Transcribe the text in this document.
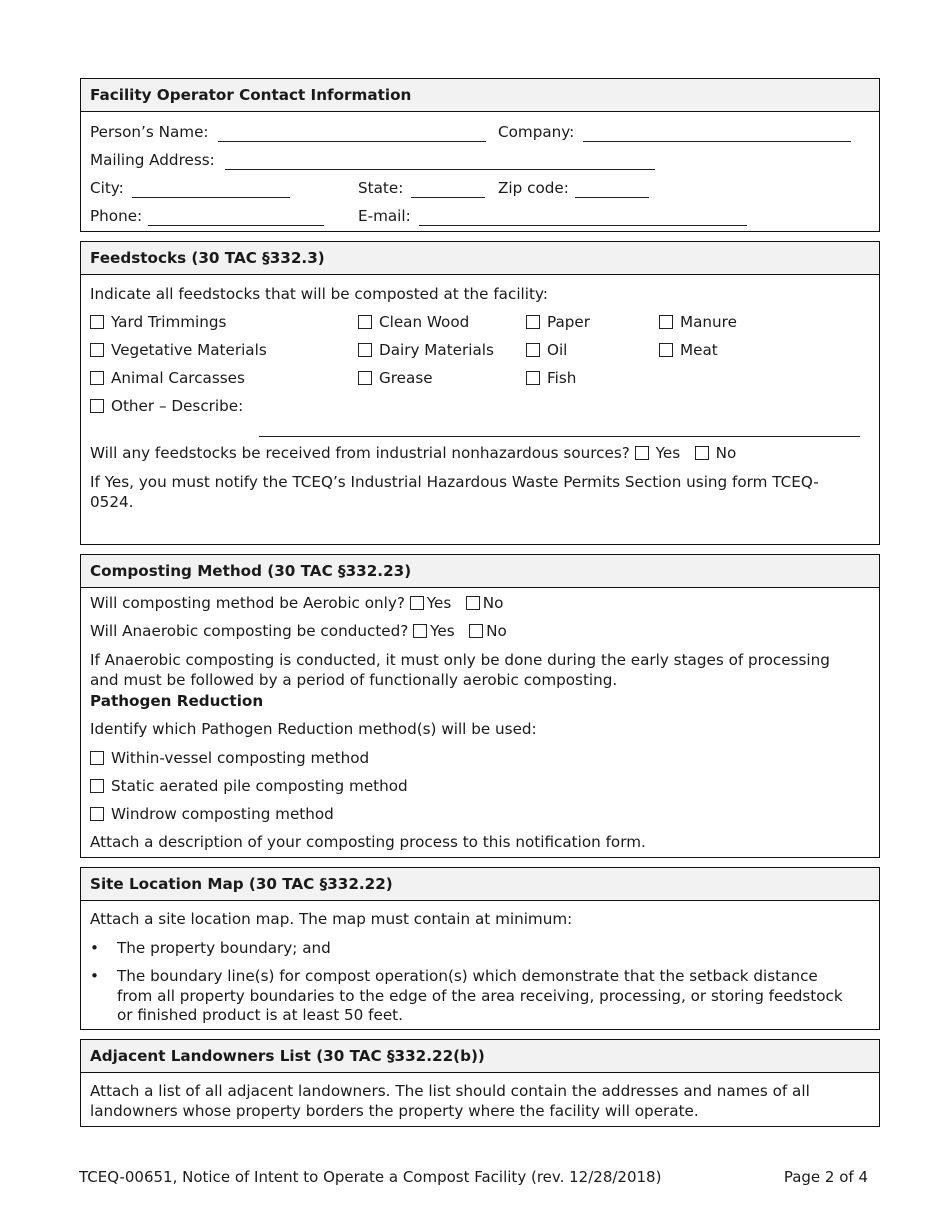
Facility Operator Contact Information
Person’s Name:	Company:
Mailing Address:
City:	State:	Zip code:
Phone:	E-mail:
Feedstocks (30 TAC §332.3)
Indicate all feedstocks that will be composted at the facility:
Yard Trimmings	Clean Wood	Paper	Manure
Vegetative Materials	Dairy Materials	Oil	Meat
Animal Carcasses	Grease	Fish
Other – Describe:
Will any feedstocks be received from industrial nonhazardous sources? Yes No
If Yes, you must notify the TCEQ’s Industrial Hazardous Waste Permits Section using form TCEQ-0524.
Composting Method (30 TAC §332.23)
Will composting method be Aerobic only? Yes No
Will Anaerobic composting be conducted? Yes No
If Anaerobic composting is conducted, it must only be done during the early stages of processing and must be followed by a period of functionally aerobic composting.
Pathogen Reduction
Identify which Pathogen Reduction method(s) will be used:
Within-vessel composting method
Static aerated pile composting method
Windrow composting method
Attach a description of your composting process to this notification form.
Site Location Map (30 TAC §332.22)
Attach a site location map. The map must contain at minimum:
• The property boundary; and
• The boundary line(s) for compost operation(s) which demonstrate that the setback distance from all property boundaries to the edge of the area receiving, processing, or storing feedstock or finished product is at least 50 feet.
Adjacent Landowners List (30 TAC §332.22(b))
Attach a list of all adjacent landowners. The list should contain the addresses and names of all landowners whose property borders the property where the facility will operate.
TCEQ-00651, Notice of Intent to Operate a Compost Facility (rev. 12/28/2018)	Page 2 of 4
